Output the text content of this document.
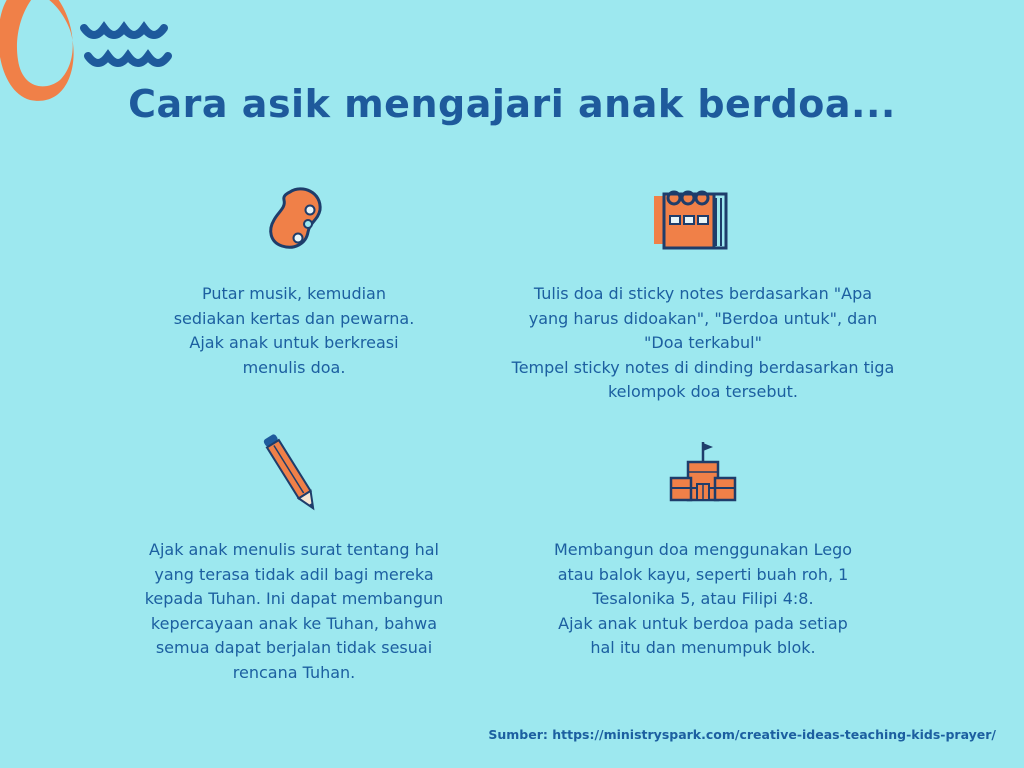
Cara asik mengajari anak berdoa...
Putar musik, kemudian
sediakan kertas dan pewarna.
Ajak anak untuk berkreasi
menulis doa.
Tulis doa di sticky notes berdasarkan "Apa
yang harus didoakan", "Berdoa untuk", dan
"Doa terkabul"
Tempel sticky notes di dinding berdasarkan tiga
kelompok doa tersebut.
Ajak anak menulis surat tentang hal
yang terasa tidak adil bagi mereka
kepada Tuhan. Ini dapat membangun
kepercayaan anak ke Tuhan, bahwa
semua dapat berjalan tidak sesuai
rencana Tuhan.
Membangun doa menggunakan Lego
atau balok kayu, seperti buah roh, 1
Tesalonika 5, atau Filipi 4:8.
Ajak anak untuk berdoa pada setiap
hal itu dan menumpuk blok.
Sumber: https://ministryspark.com/creative-ideas-teaching-kids-prayer/
